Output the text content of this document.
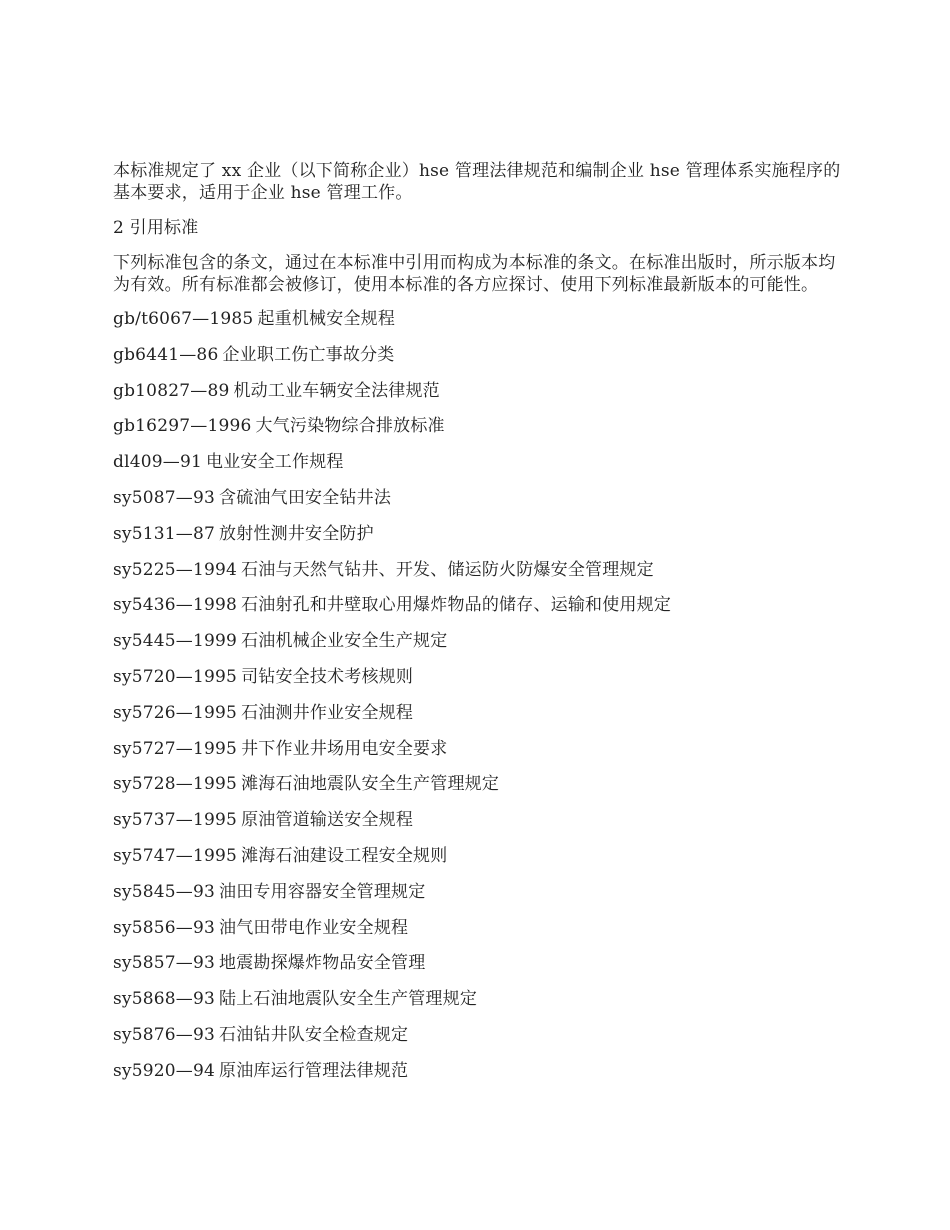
本标准规定了 xx 企业（以下简称企业）hse 管理法律规范和编制企业 hse 管理体系实施程序的基本要求，适用于企业 hse 管理工作。

2 引用标准

下列标准包含的条文，通过在本标准中引用而构成为本标准的条文。在标准出版时，所示版本均为有效。所有标准都会被修订，使用本标准的各方应探讨、使用下列标准最新版本的可能性。

gb/t6067—1985 起重机械安全规程
gb6441—86 企业职工伤亡事故分类
gb10827—89 机动工业车辆安全法律规范
gb16297—1996 大气污染物综合排放标准
dl409—91 电业安全工作规程
sy5087—93 含硫油气田安全钻井法
sy5131—87 放射性测井安全防护
sy5225—1994 石油与天然气钻井、开发、储运防火防爆安全管理规定
sy5436—1998 石油射孔和井壁取心用爆炸物品的储存、运输和使用规定
sy5445—1999 石油机械企业安全生产规定
sy5720—1995 司钻安全技术考核规则
sy5726—1995 石油测井作业安全规程
sy5727—1995 井下作业井场用电安全要求
sy5728—1995 滩海石油地震队安全生产管理规定
sy5737—1995 原油管道输送安全规程
sy5747—1995 滩海石油建设工程安全规则
sy5845—93 油田专用容器安全管理规定
sy5856—93 油气田带电作业安全规程
sy5857—93 地震勘探爆炸物品安全管理
sy5868—93 陆上石油地震队安全生产管理规定
sy5876—93 石油钻井队安全检查规定
sy5920—94 原油库运行管理法律规范
